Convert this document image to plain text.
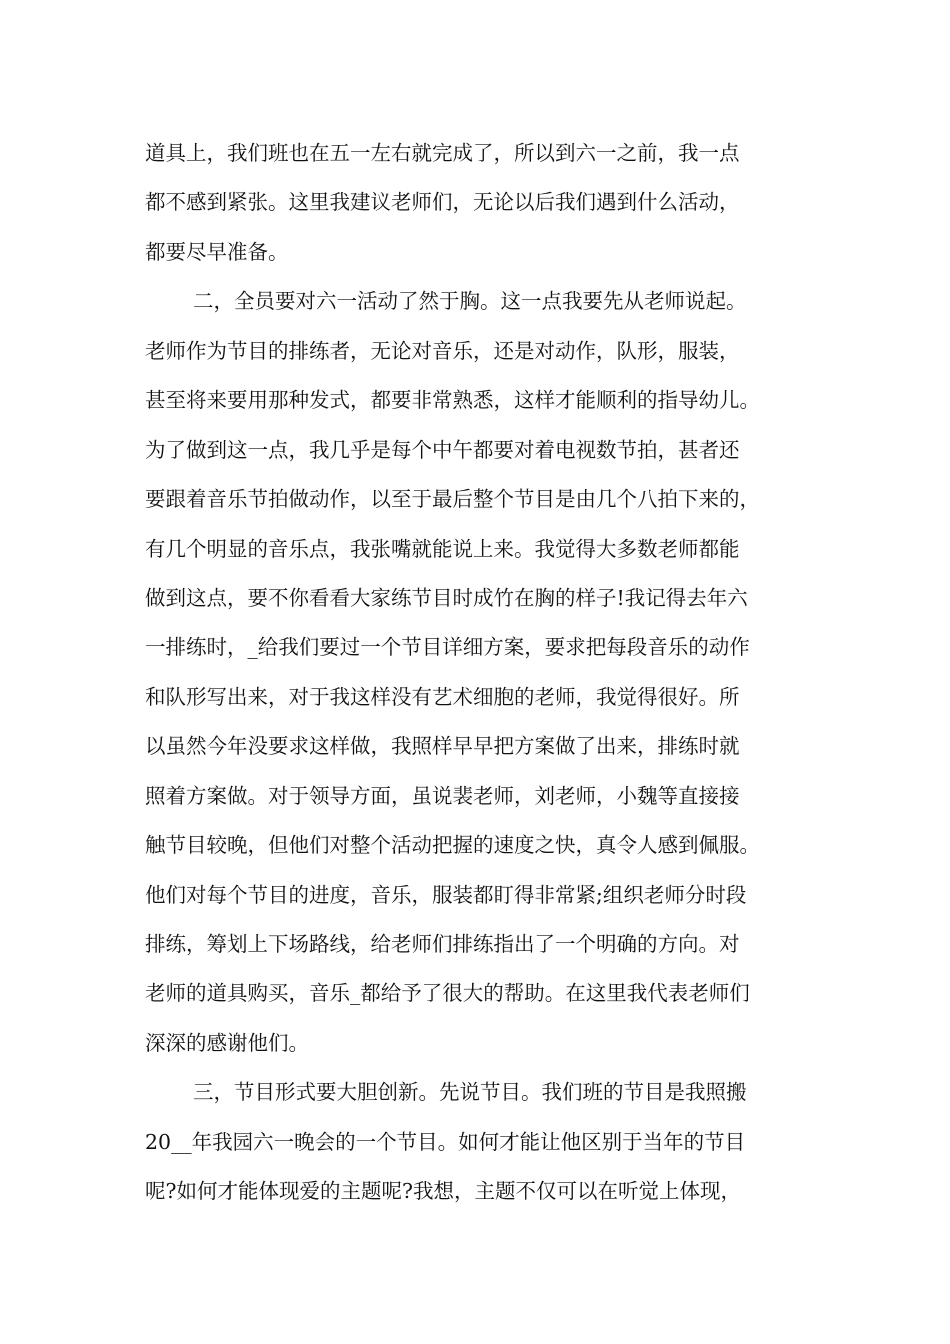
道具上，我们班也在五一左右就完成了，所以到六一之前，我一点
都不感到紧张。这里我建议老师们，无论以后我们遇到什么活动，
都要尽早准备。
二，全员要对六一活动了然于胸。这一点我要先从老师说起。
老师作为节目的排练者，无论对音乐，还是对动作，队形，服装，
甚至将来要用那种发式，都要非常熟悉，这样才能顺利的指导幼儿。
为了做到这一点，我几乎是每个中午都要对着电视数节拍，甚者还
要跟着音乐节拍做动作，以至于最后整个节目是由几个八拍下来的，
有几个明显的音乐点，我张嘴就能说上来。我觉得大多数老师都能
做到这点，要不你看看大家练节目时成竹在胸的样子!我记得去年六
一排练时，_给我们要过一个节目详细方案，要求把每段音乐的动作
和队形写出来，对于我这样没有艺术细胞的老师，我觉得很好。所
以虽然今年没要求这样做，我照样早早把方案做了出来，排练时就
照着方案做。对于领导方面，虽说裴老师，刘老师，小魏等直接接
触节目较晚，但他们对整个活动把握的速度之快，真令人感到佩服。
他们对每个节目的进度，音乐，服装都盯得非常紧;组织老师分时段
排练，筹划上下场路线，给老师们排练指出了一个明确的方向。对
老师的道具购买，音乐_都给予了很大的帮助。在这里我代表老师们
深深的感谢他们。
三，节目形式要大胆创新。先说节目。我们班的节目是我照搬
20__年我园六一晚会的一个节目。如何才能让他区别于当年的节目
呢?如何才能体现爱的主题呢?我想，主题不仅可以在听觉上体现，
